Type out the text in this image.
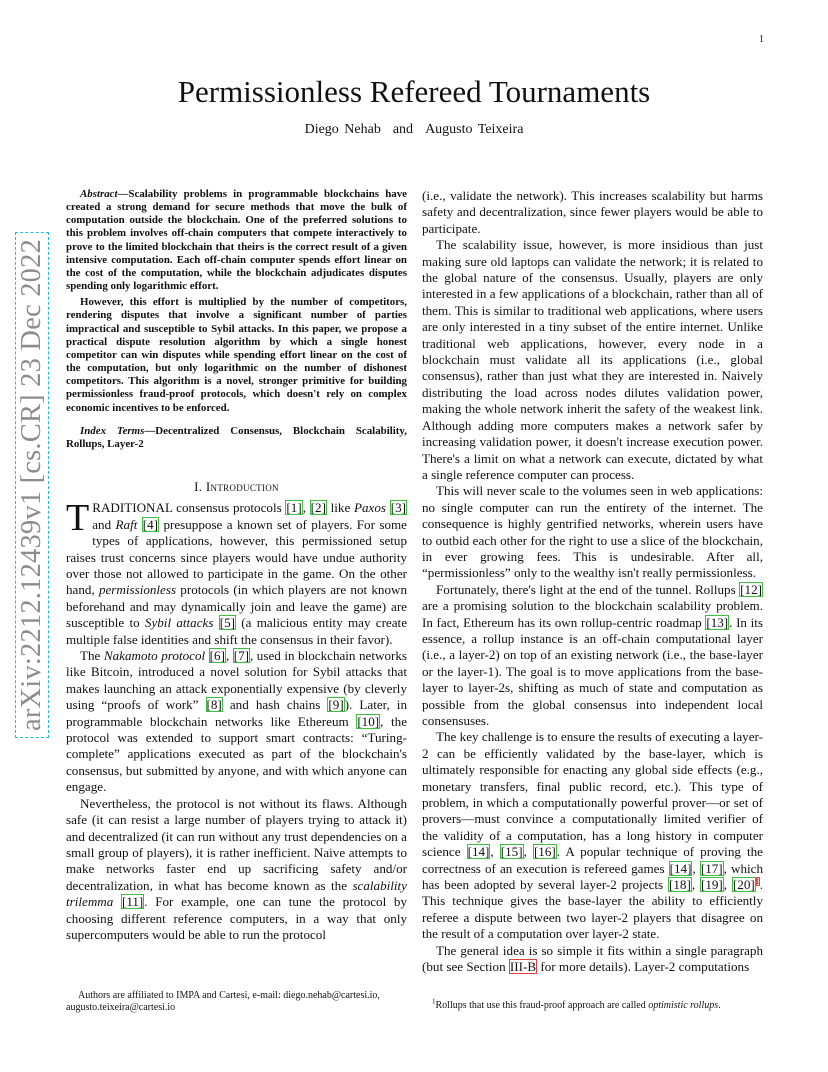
1
arXiv:2212.12439v1 [cs.CR] 23 Dec 2022
Permissionless Refereed Tournaments
Diego Nehab and Augusto Teixeira

Abstract—Scalability problems in programmable blockchains have created a strong demand for secure methods that move the bulk of computation outside the blockchain. One of the preferred solutions to this problem involves off-chain computers that compete interactively to prove to the limited blockchain that theirs is the correct result of a given intensive computation. Each off-chain computer spends effort linear on the cost of the computation, while the blockchain adjudicates disputes spending only logarithmic effort.

However, this effort is multiplied by the number of competitors, rendering disputes that involve a significant number of parties impractical and susceptible to Sybil attacks. In this paper, we propose a practical dispute resolution algorithm by which a single honest competitor can win disputes while spending effort linear on the cost of the computation, but only logarithmic on the number of dishonest competitors. This algorithm is a novel, stronger primitive for building permissionless fraud-proof protocols, which doesn't rely on complex economic incentives to be enforced.

Index Terms—Decentralized Consensus, Blockchain Scalability, Rollups, Layer-2

I. Introduction

TRADITIONAL consensus protocols [1], [2] like Paxos [3] and Raft [4] presuppose a known set of players. For some types of applications, however, this permissioned setup raises trust concerns since players would have undue authority over those not allowed to participate in the game. On the other hand, permissionless protocols (in which players are not known beforehand and may dynamically join and leave the game) are susceptible to Sybil attacks [5] (a malicious entity may create multiple false identities and shift the consensus in their favor).

The Nakamoto protocol [6], [7], used in blockchain networks like Bitcoin, introduced a novel solution for Sybil attacks that makes launching an attack exponentially expensive (by cleverly using “proofs of work” [8] and hash chains [9]). Later, in programmable blockchain networks like Ethereum [10], the protocol was extended to support smart contracts: “Turing-complete” applications executed as part of the blockchain's consensus, but submitted by anyone, and with which anyone can engage.

Nevertheless, the protocol is not without its flaws. Although safe (it can resist a large number of players trying to attack it) and decentralized (it can run without any trust dependencies on a small group of players), it is rather inefficient. Naive attempts to make networks faster end up sacrificing safety and/or decentralization, in what has become known as the scalability trilemma [11]. For example, one can tune the protocol by choosing different reference computers, in a way that only supercomputers would be able to run the protocol

(i.e., validate the network). This increases scalability but harms safety and decentralization, since fewer players would be able to participate.

The scalability issue, however, is more insidious than just making sure old laptops can validate the network; it is related to the global nature of the consensus. Usually, players are only interested in a few applications of a blockchain, rather than all of them. This is similar to traditional web applications, where users are only interested in a tiny subset of the entire internet. Unlike traditional web applications, however, every node in a blockchain must validate all its applications (i.e., global consensus), rather than just what they are interested in. Naively distributing the load across nodes dilutes validation power, making the whole network inherit the safety of the weakest link. Although adding more computers makes a network safer by increasing validation power, it doesn't increase execution power. There's a limit on what a network can execute, dictated by what a single reference computer can process.

This will never scale to the volumes seen in web applications: no single computer can run the entirety of the internet. The consequence is highly gentrified networks, wherein users have to outbid each other for the right to use a slice of the blockchain, in ever growing fees. This is undesirable. After all, “permissionless” only to the wealthy isn't really permissionless.

Fortunately, there's light at the end of the tunnel. Rollups [12] are a promising solution to the blockchain scalability problem. In fact, Ethereum has its own rollup-centric roadmap [13]. In its essence, a rollup instance is an off-chain computational layer (i.e., a layer-2) on top of an existing network (i.e., the base-layer or the layer-1). The goal is to move applications from the base-layer to layer-2s, shifting as much of state and computation as possible from the global consensus into independent local consensuses.

The key challenge is to ensure the results of executing a layer-2 can be efficiently validated by the base-layer, which is ultimately responsible for enacting any global side effects (e.g., monetary transfers, final public record, etc.). This type of problem, in which a computationally powerful prover—or set of provers—must convince a computationally limited verifier of the validity of a computation, has a long history in computer science [14], [15], [16]. A popular technique of proving the correctness of an execution is refereed games [14], [17], which has been adopted by several layer-2 projects [18], [19], [20]$^1$. This technique gives the base-layer the ability to efficiently referee a dispute between two layer-2 players that disagree on the result of a computation over layer-2 state.

The general idea is so simple it fits within a single paragraph (but see Section III-B for more details). Layer-2 computations

Authors are affiliated to IMPA and Cartesi, e-mail: diego.nehab@cartesi.io, augusto.teixeira@cartesi.io
$^1$Rollups that use this fraud-proof approach are called optimistic rollups.
